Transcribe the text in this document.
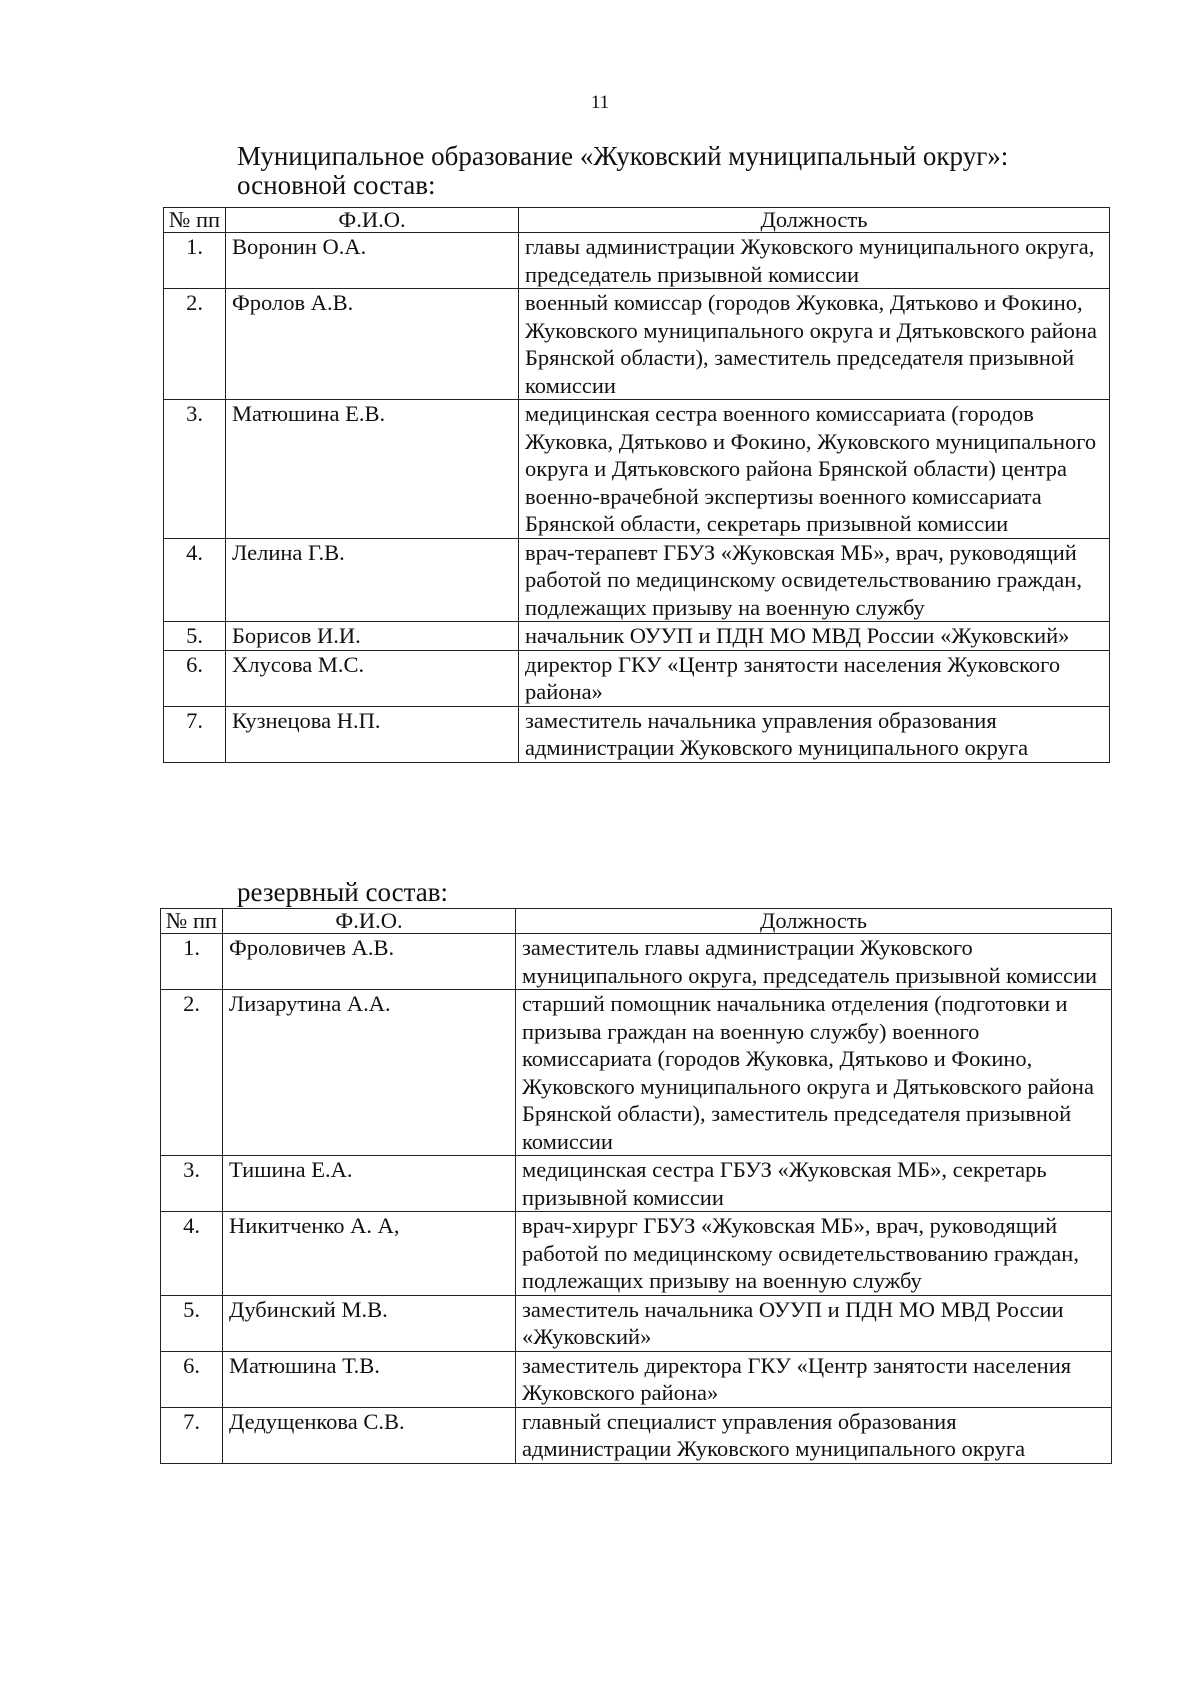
11
Муниципальное образование «Жуковский муниципальный округ»:
основной состав:
№ пп	Ф.И.О.	Должность
1.	Воронин О.А.	главы администрации Жуковского муниципального округа, председатель призывной комиссии
2.	Фролов А.В.	военный комиссар (городов Жуковка, Дятьково и Фокино, Жуковского муниципального округа и Дятьковского района Брянской области), заместитель председателя призывной комиссии
3.	Матюшина Е.В.	медицинская сестра военного комиссариата (городов Жуковка, Дятьково и Фокино, Жуковского муниципального округа и Дятьковского района Брянской области) центра военно-врачебной экспертизы военного комиссариата Брянской области, секретарь призывной комиссии
4.	Лелина Г.В.	врач-терапевт ГБУЗ «Жуковская МБ», врач, руководящий работой по медицинскому освидетельствованию граждан, подлежащих призыву на военную службу
5.	Борисов И.И.	начальник ОУУП и ПДН МО МВД России «Жуковский»
6.	Хлусова М.С.	директор ГКУ «Центр занятости населения Жуковского района»
7.	Кузнецова Н.П.	заместитель начальника управления образования администрации Жуковского муниципального округа
резервный состав:
№ пп	Ф.И.О.	Должность
1.	Фроловичев А.В.	заместитель главы администрации Жуковского муниципального округа, председатель призывной комиссии
2.	Лизарутина А.А.	старший помощник начальника отделения (подготовки и призыва граждан на военную службу) военного комиссариата (городов Жуковка, Дятьково и Фокино, Жуковского муниципального округа и Дятьковского района Брянской области), заместитель председателя призывной комиссии
3.	Тишина Е.А.	медицинская сестра ГБУЗ «Жуковская МБ», секретарь призывной комиссии
4.	Никитченко А. А,	врач-хирург ГБУЗ «Жуковская МБ», врач, руководящий работой по медицинскому освидетельствованию граждан, подлежащих призыву на военную службу
5.	Дубинский М.В.	заместитель начальника ОУУП и ПДН МО МВД России «Жуковский»
6.	Матюшина Т.В.	заместитель директора ГКУ «Центр занятости населения Жуковского района»
7.	Дедущенкова С.В.	главный специалист управления образования администрации Жуковского муниципального округа
